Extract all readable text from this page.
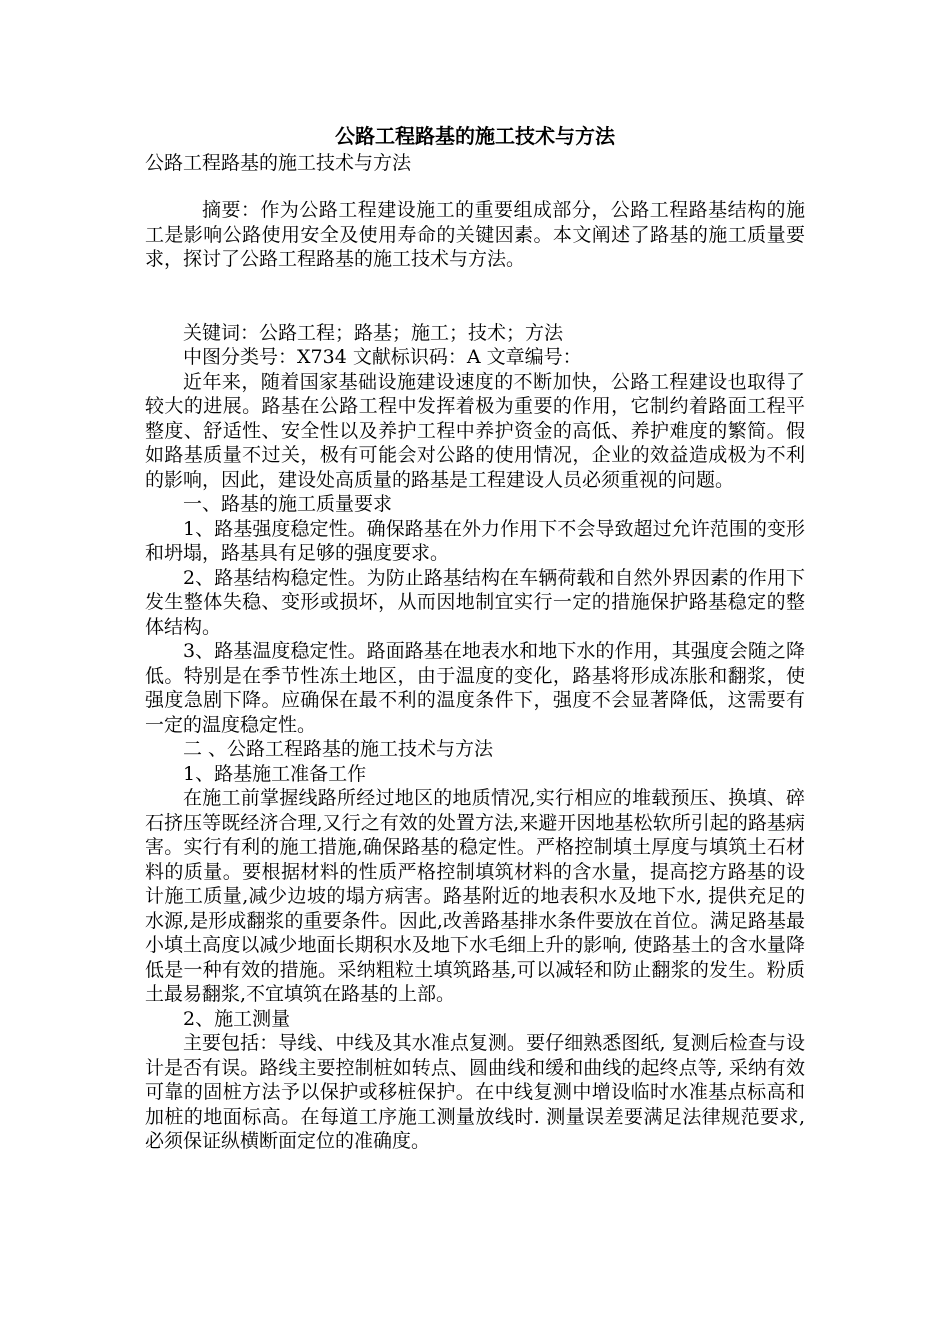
公路工程路基的施工技术与方法

公路工程路基的施工技术与方法

摘要：作为公路工程建设施工的重要组成部分，公路工程路基结构的施工是影响公路使用安全及使用寿命的关键因素。本文阐述了路基的施工质量要求，探讨了公路工程路基的施工技术与方法。

关键词：公路工程；路基；施工；技术；方法

中图分类号：X734 文献标识码：A 文章编号：

近年来，随着国家基础设施建设速度的不断加快，公路工程建设也取得了较大的进展。路基在公路工程中发挥着极为重要的作用，它制约着路面工程平整度、舒适性、安全性以及养护工程中养护资金的高低、养护难度的繁简。假如路基质量不过关，极有可能会对公路的使用情况，企业的效益造成极为不利的影响，因此，建设处高质量的路基是工程建设人员必须重视的问题。

一、路基的施工质量要求

1、路基强度稳定性。确保路基在外力作用下不会导致超过允许范围的变形和坍塌，路基具有足够的强度要求。

2、路基结构稳定性。为防止路基结构在车辆荷载和自然外界因素的作用下发生整体失稳、变形或损坏，从而因地制宜实行一定的措施保护路基稳定的整体结构。

3、路基温度稳定性。路面路基在地表水和地下水的作用，其强度会随之降低。特别是在季节性冻土地区，由于温度的变化，路基将形成冻胀和翻浆，使强度急剧下降。应确保在最不利的温度条件下，强度不会显著降低，这需要有一定的温度稳定性。

二 、公路工程路基的施工技术与方法

1、路基施工准备工作

在施工前掌握线路所经过地区的地质情况,实行相应的堆载预压、换填、碎石挤压等既经济合理,又行之有效的处置方法,来避开因地基松软所引起的路基病害。实行有利的施工措施,确保路基的稳定性。严格控制填土厚度与填筑土石材料的质量。要根据材料的性质严格控制填筑材料的含水量，提高挖方路基的设计施工质量,减少边坡的塌方病害。路基附近的地表积水及地下水, 提供充足的水源,是形成翻浆的重要条件。因此,改善路基排水条件要放在首位。满足路基最小填土高度以减少地面长期积水及地下水毛细上升的影响, 使路基土的含水量降低是一种有效的措施。采纳粗粒土填筑路基,可以减轻和防止翻浆的发生。粉质土最易翻浆,不宜填筑在路基的上部。

2、施工测量

主要包括：导线、中线及其水准点复测。要仔细熟悉图纸, 复测后检查与设计是否有误。路线主要控制桩如转点、圆曲线和缓和曲线的起终点等, 采纳有效可靠的固桩方法予以保护或移桩保护。在中线复测中增设临时水准基点标高和加桩的地面标高。在每道工序施工测量放线时. 测量误差要满足法律规范要求,必须保证纵横断面定位的准确度。
